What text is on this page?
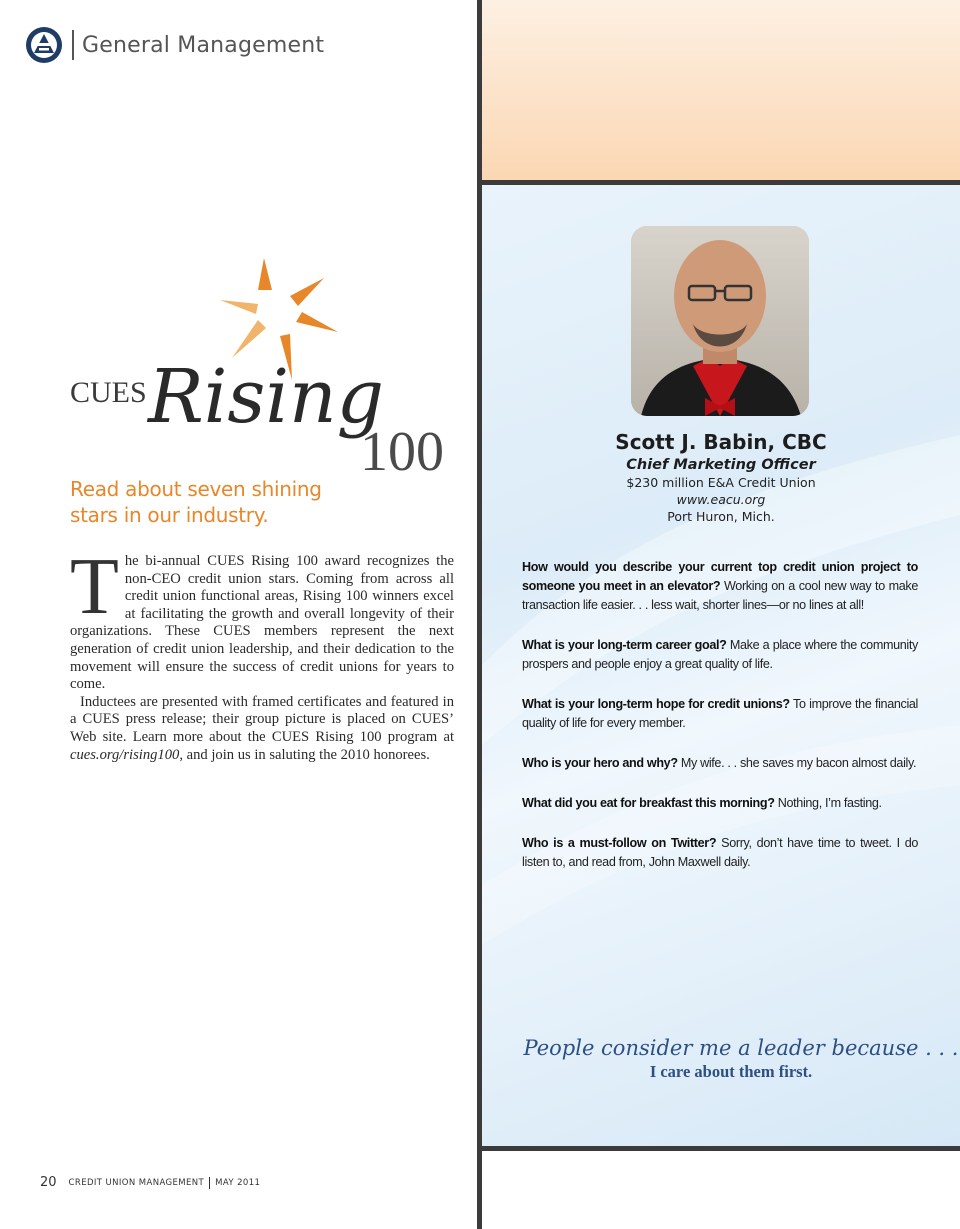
General Management
CUES Rising
100
Read about seven shining
stars in our industry.

The bi-annual CUES Rising 100 award recognizes the non-CEO credit union stars. Coming from across all credit union functional areas, Rising 100 winners excel at facilitating the growth and overall longevity of their organizations. These CUES members represent the next generation of credit union leadership, and their dedication to the movement will ensure the success of credit unions for years to come.

Inductees are presented with framed certificates and featured in a CUES press release; their group picture is placed on CUES’ Web site. Learn more about the CUES Rising 100 program at cues.org/rising100, and join us in saluting the 2010 honorees.

20 CREDIT UNION MANAGEMENT MAY 2011
Scott J. Babin, CBC
Chief Marketing Officer
$230 million E&A Credit Union
www.eacu.org
Port Huron, Mich.

How would you describe your current top credit union project to someone you meet in an elevator? Working on a cool new way to make transaction life easier. . . less wait, shorter lines—or no lines at all!

What is your long-term career goal? Make a place where the community prospers and people enjoy a great quality of life.

What is your long-term hope for credit unions? To improve the financial quality of life for every member.

Who is your hero and why? My wife. . . she saves my bacon almost daily.

What did you eat for breakfast this morning? Nothing, I’m fasting.

Who is a must-follow on Twitter? Sorry, don’t have time to tweet. I do listen to, and read from, John Maxwell daily.

People consider me a leader because . . .
I care about them first.
